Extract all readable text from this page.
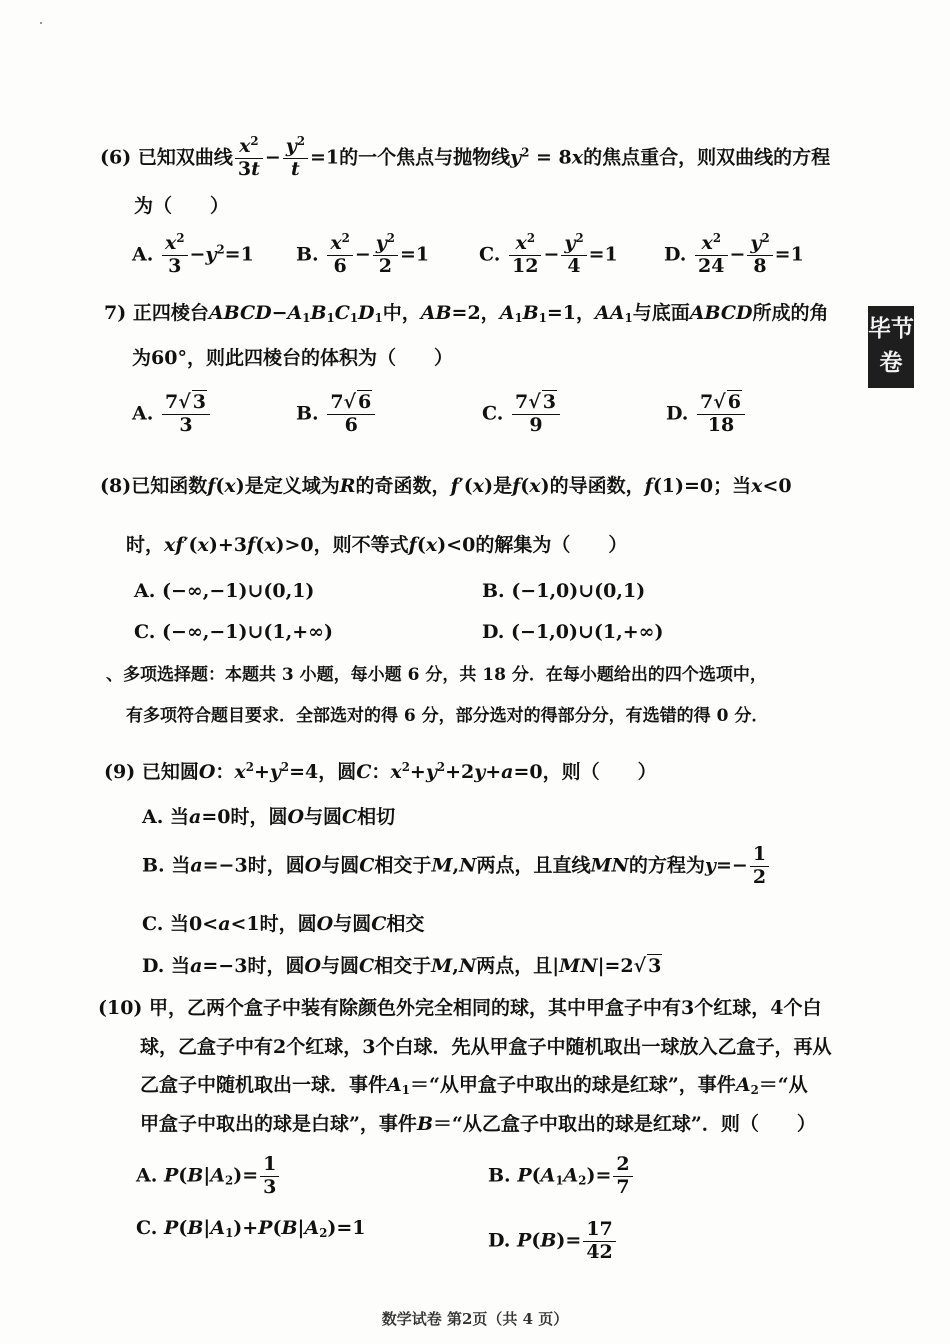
(6) 已知双曲线 $\frac{x^2}{3t} - \frac{y^2}{t} =1$的一个焦点与抛物线$y^2 = 8x$的焦点重合，则双曲线的方程
为（　　）
A. $\frac{x^2}{3} -y^2=1$ B. $\frac{x^2}{6} - \frac{y^2}{2} =1$	C. $\frac{x^2}{12} - \frac{y^2}{4} =1$ D. $\frac{x^2}{24} - \frac{y^2}{8} =1$
7) 正四棱台$ABCD-A_1B_1C_1D_1$中，AB=2，$A_1B_1=1$，$AA_1$与底面ABCD所成的角
为60°，则此四棱台的体积为（　　）
A. $\frac{7√ 3}{3}$	B. $\frac{7√ 6}{6}$	C. $\frac{7√ 3}{9}$	D. $\frac{7√ 6}{18}$
毕节
卷
(8)已知函数f(x)是定义域为R的奇函数，f′(x)是f(x)的导函数，f(1)=0；当x<0
时，xf′(x)+3f(x)>0，则不等式f(x)<0的解集为（　　）
A. (−∞,−1)∪(0,1)	B. (−1,0)∪(0,1)
C. (−∞,−1)∪(1,+∞)	D. (−1,0)∪(1,+∞)
、多项选择题：本题共 3 小题，每小题 6 分，共 18 分．在每小题给出的四个选项中，
有多项符合题目要求．全部选对的得 6 分，部分选对的得部分分，有选错的得 0 分．
(9) 已知圆O：$x^2+y^2=4$，圆C：$x^2+y^2+2y+a=0$，则（　　）
A. 当a=0时，圆O与圆C相切
B. 当a=−3时，圆O与圆C相交于M,N两点，且直线MN的方程为$y=- \frac{1}{2}$
C. 当0<a<1时，圆O与圆C相交
D. 当a=−3时，圆O与圆C相交于M,N两点，且|MN|=2√ 3
(10) 甲，乙两个盒子中装有除颜色外完全相同的球，其中甲盒子中有3个红球，4个白
球，乙盒子中有2个红球，3个白球．先从甲盒子中随机取出一球放入乙盒子，再从
乙盒子中随机取出一球．事件$A_1=“$从甲盒子中取出的球是红球”，事件$A_2=“$从
甲盒子中取出的球是白球”，事件B＝“从乙盒子中取出的球是红球”．则（　　）
A. $P(B|A_2)= \frac{1}{3}$	B. $P(A_1A_2)= \frac{2}{7}$
C. $P(B|A_1)+P(B|A_2)=1$
D. $P(B)= \frac{17}{42}$
数学试卷 第2页（共 4 页）
